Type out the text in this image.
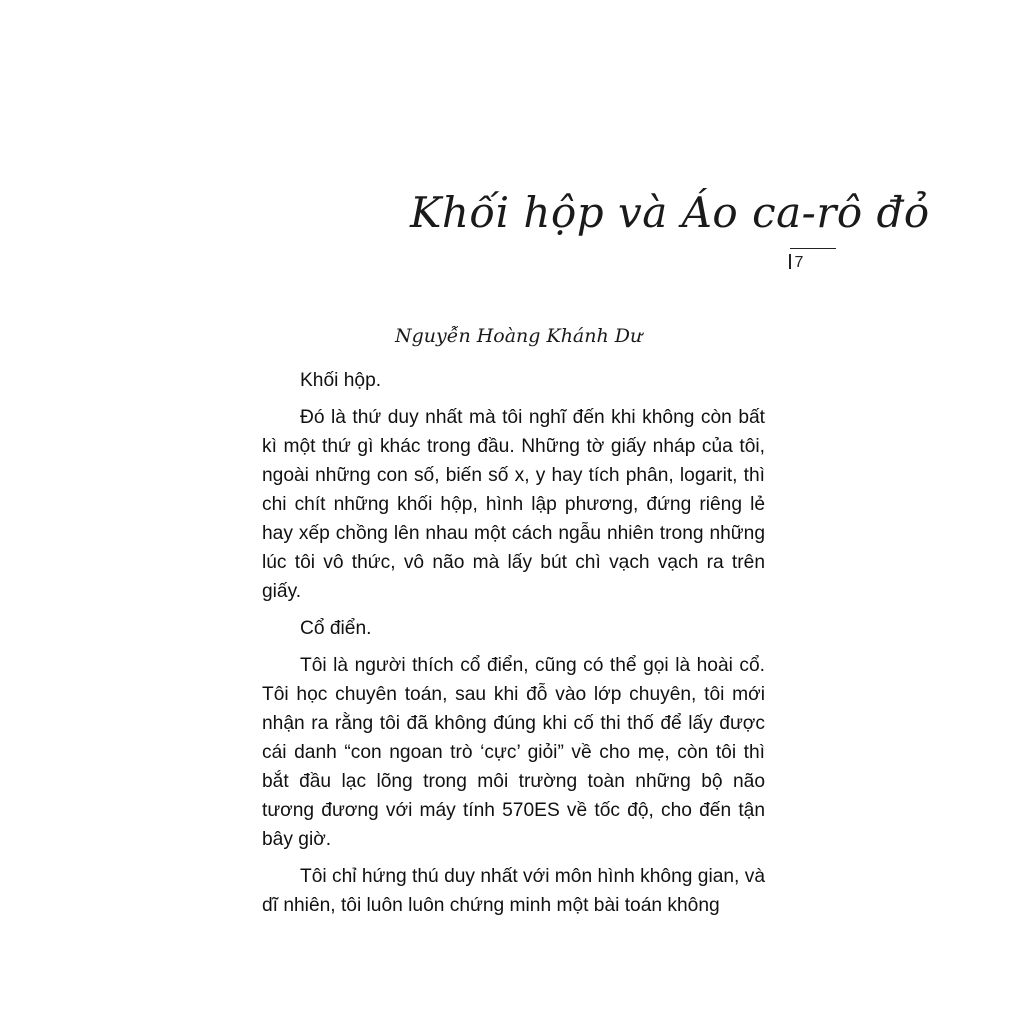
Khối hộp và Áo ca-rô đỏ
7
Nguyễn Hoàng Khánh Dư

Khối hộp.

Đó là thứ duy nhất mà tôi nghĩ đến khi không còn bất kì một thứ gì khác trong đầu. Những tờ giấy nháp của tôi, ngoài những con số, biến số x, y hay tích phân, logarit, thì chi chít những khối hộp, hình lập phương, đứng riêng lẻ hay xếp chồng lên nhau một cách ngẫu nhiên trong những lúc tôi vô thức, vô não mà lấy bút chì vạch vạch ra trên giấy.

Cổ điển.

Tôi là người thích cổ điển, cũng có thể gọi là hoài cổ. Tôi học chuyên toán, sau khi đỗ vào lớp chuyên, tôi mới nhận ra rằng tôi đã không đúng khi cố thi thố để lấy được cái danh “con ngoan trò ‘cực’ giỏi” về cho mẹ, còn tôi thì bắt đầu lạc lõng trong môi trường toàn những bộ não tương đương với máy tính 570ES về tốc độ, cho đến tận bây giờ.

Tôi chỉ hứng thú duy nhất với môn hình không gian, và dĩ nhiên, tôi luôn luôn chứng minh một bài toán không
